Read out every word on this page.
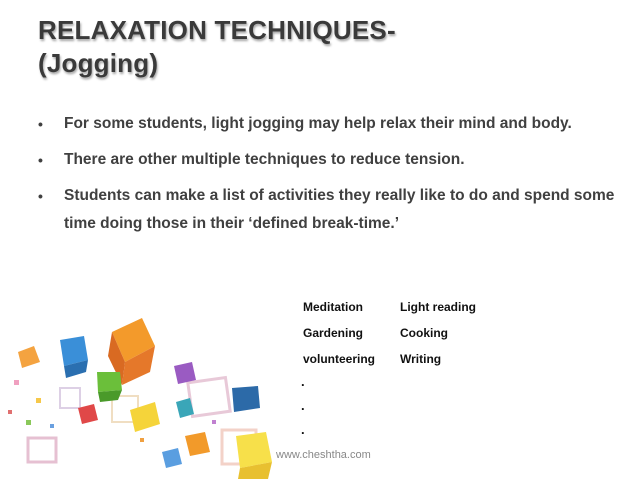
RELAXATION TECHNIQUES-
(Jogging)
• For some students, light jogging may help relax their mind and body.
• There are other multiple techniques to reduce tension.
• Students can make a list of activities they really like to do and spend some time doing those in their ‘defined break-time.’
Meditation	Light reading
Gardening	Cooking
volunteering	Writing
.
.
.
www.cheshtha.com
